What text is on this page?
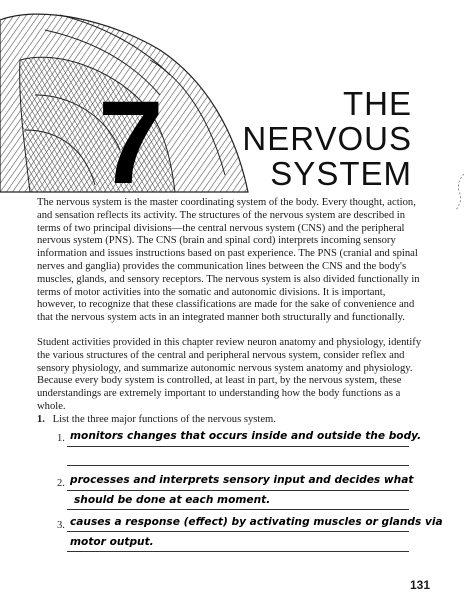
7	THE
NERVOUS
SYSTEM

The nervous system is the master coordinating system of the body. Every thought, action, and sensation reflects its activity. The structures of the nervous system are described in terms of two principal divisions—the central nervous system (CNS) and the peripheral nervous system (PNS). The CNS (brain and spinal cord) interprets incoming sensory information and issues instructions based on past experience. The PNS (cranial and spinal nerves and ganglia) provides the communication lines between the CNS and the body's muscles, glands, and sensory receptors. The nervous system is also divided functionally in terms of motor activities into the somatic and autonomic divisions. It is important, however, to recognize that these classifications are made for the sake of convenience and that the nervous system acts in an integrated manner both structurally and functionally.

Student activities provided in this chapter review neuron anatomy and physiology, identify the various structures of the central and peripheral nervous system, consider reflex and sensory physiology, and summarize autonomic nervous system anatomy and physiology. Because every body system is controlled, at least in part, by the nervous system, these understandings are extremely important to understanding how the body functions as a whole.

1. List the three major functions of the nervous system.
1. monitors changes that occurs inside and outside the body.
2. processes and interprets sensory input and decides what
should be done at each moment.
3. causes a response (effect) by activating muscles or glands via
motor output.
131
